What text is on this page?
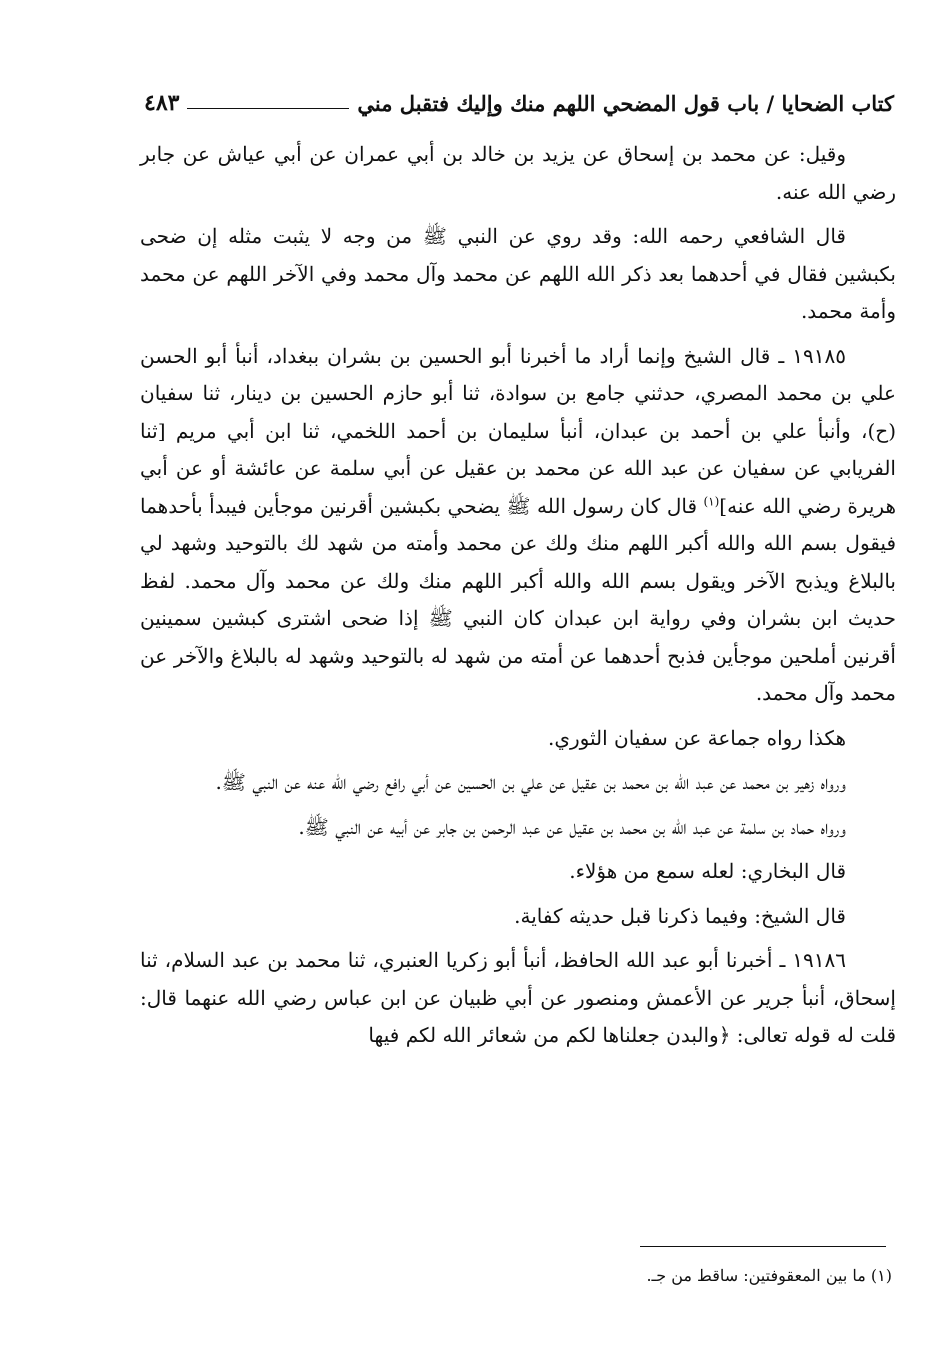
كتاب الضحايا / باب قول المضحي اللهم منك وإليك فتقبل مني
٤٨٣

وقيل: عن محمد بن إسحاق عن يزيد بن خالد بن أبي عمران عن أبي عياش عن جابر رضي الله عنه.

قال الشافعي رحمه الله: وقد روي عن النبي ﷺ من وجه لا يثبت مثله إن ضحى بكبشين فقال في أحدهما بعد ذكر الله اللهم عن محمد وآل محمد وفي الآخر اللهم عن محمد وأمة محمد.

١٩١٨٥ ـ قال الشيخ وإنما أراد ما أخبرنا أبو الحسين بن بشران ببغداد، أنبأ أبو الحسن علي بن محمد المصري، حدثني جامع بن سوادة، ثنا أبو حازم الحسين بن دينار، ثنا سفيان (ح)، وأنبأ علي بن أحمد بن عبدان، أنبأ سليمان بن أحمد اللخمي، ثنا ابن أبي مريم [ثنا الفريابي عن سفيان عن عبد الله عن محمد بن عقيل عن أبي سلمة عن عائشة أو عن أبي هريرة رضي الله عنه]$^{(١)}$ قال كان رسول الله ﷺ يضحي بكبشين أقرنين موجأين فيبدأ بأحدهما فيقول بسم الله والله أكبر اللهم منك ولك عن محمد وأمته من شهد لك بالتوحيد وشهد لي بالبلاغ ويذبح الآخر ويقول بسم الله والله أكبر اللهم منك ولك عن محمد وآل محمد. لفظ حديث ابن بشران وفي رواية ابن عبدان كان النبي ﷺ إذا ضحى اشترى كبشين سمينين أقرنين أملحين موجأين فذبح أحدهما عن أمته من شهد له بالتوحيد وشهد له بالبلاغ والآخر عن محمد وآل محمد.

هكذا رواه جماعة عن سفيان الثوري.

ورواه زهير بن محمد عن عبد الله بن محمد بن عقيل عن علي بن الحسين عن أبي رافع رضي الله عنه عن النبي ﷺ.

ورواه حماد بن سلمة عن عبد الله بن محمد بن عقيل عن عبد الرحمن بن جابر عن أبيه عن النبي ﷺ.

قال البخاري: لعله سمع من هؤلاء.

قال الشيخ: وفيما ذكرنا قبل حديثه كفاية.

١٩١٨٦ ـ أخبرنا أبو عبد الله الحافظ، أنبأ أبو زكريا العنبري، ثنا محمد بن عبد السلام، ثنا إسحاق، أنبأ جرير عن الأعمش ومنصور عن أبي ظبيان عن ابن عباس رضي الله عنهما قال: قلت له قوله تعالى: ﴿والبدن جعلناها لكم من شعائر الله لكم فيها

(١) ما بين المعقوفتين: ساقط من جـ.
